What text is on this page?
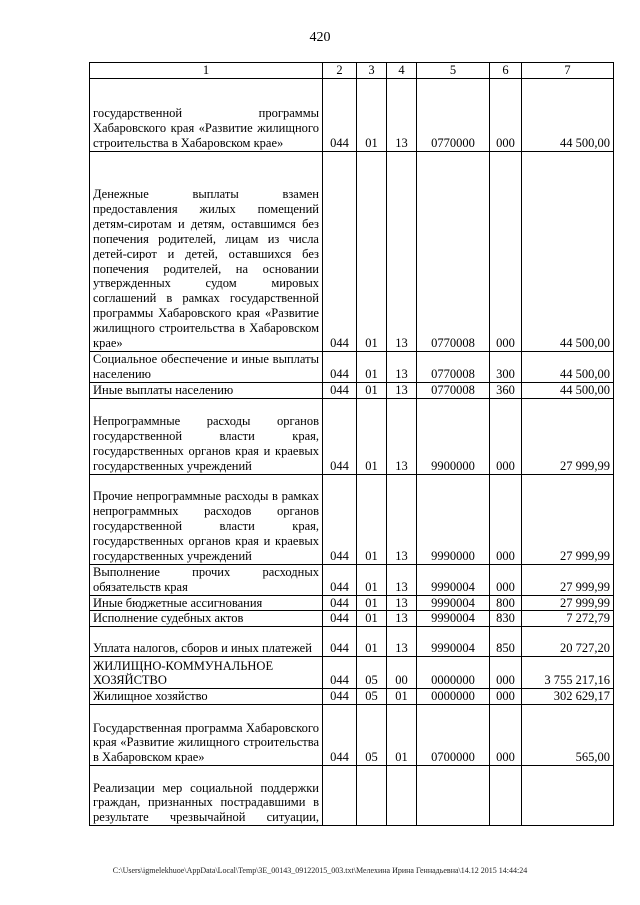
420
1	2	3	4	5	6	7
государственной программы Хабаровского края «Развитие жилищного строительства в Хабаровском крае»	044	01	13	0770000	000	44 500,00
Денежные выплаты взамен предоставления жилых помещений детям-сиротам и детям, оставшимся без попечения родителей, лицам из числа детей-сирот и детей, оставшихся без попечения родителей, на основании утвержденных судом мировых соглашений в рамках государственной программы Хабаровского края «Развитие жилищного строительства в Хабаровском крае»	044	01	13	0770008	000	44 500,00
Социальное обеспечение и иные выплаты населению	044	01	13	0770008	300	44 500,00
Иные выплаты населению	044	01	13	0770008	360	44 500,00
Непрограммные расходы органов государственной власти края, государственных органов края и краевых государственных учреждений	044	01	13	9900000	000	27 999,99
Прочие непрограммные расходы в рамках непрограммных расходов органов государственной власти края, государственных органов края и краевых государственных учреждений	044	01	13	9990000	000	27 999,99
Выполнение прочих расходных обязательств края	044	01	13	9990004	000	27 999,99
Иные бюджетные ассигнования	044	01	13	9990004	800	27 999,99
Исполнение судебных актов	044	01	13	9990004	830	7 272,79
Уплата налогов, сборов и иных платежей	044	01	13	9990004	850	20 727,20
ЖИЛИЩНО-КОММУНАЛЬНОЕ ХОЗЯЙСТВО	044	05	00	0000000	000	3 755 217,16
Жилищное хозяйство	044	05	01	0000000	000	302 629,17
Государственная программа Хабаровского края «Развитие жилищного строительства в Хабаровском крае»	044	05	01	0700000	000	565,00
Реализации мер социальной поддержки граждан, признанных пострадавшими в результате чрезвычайной ситуации,						
C:\Users\igmelekhuoe\AppData\Local\Temp\3E_00143_09122015_003.txt\Мелехина Ирина Геннадьевна\14.12 2015 14:44:24
